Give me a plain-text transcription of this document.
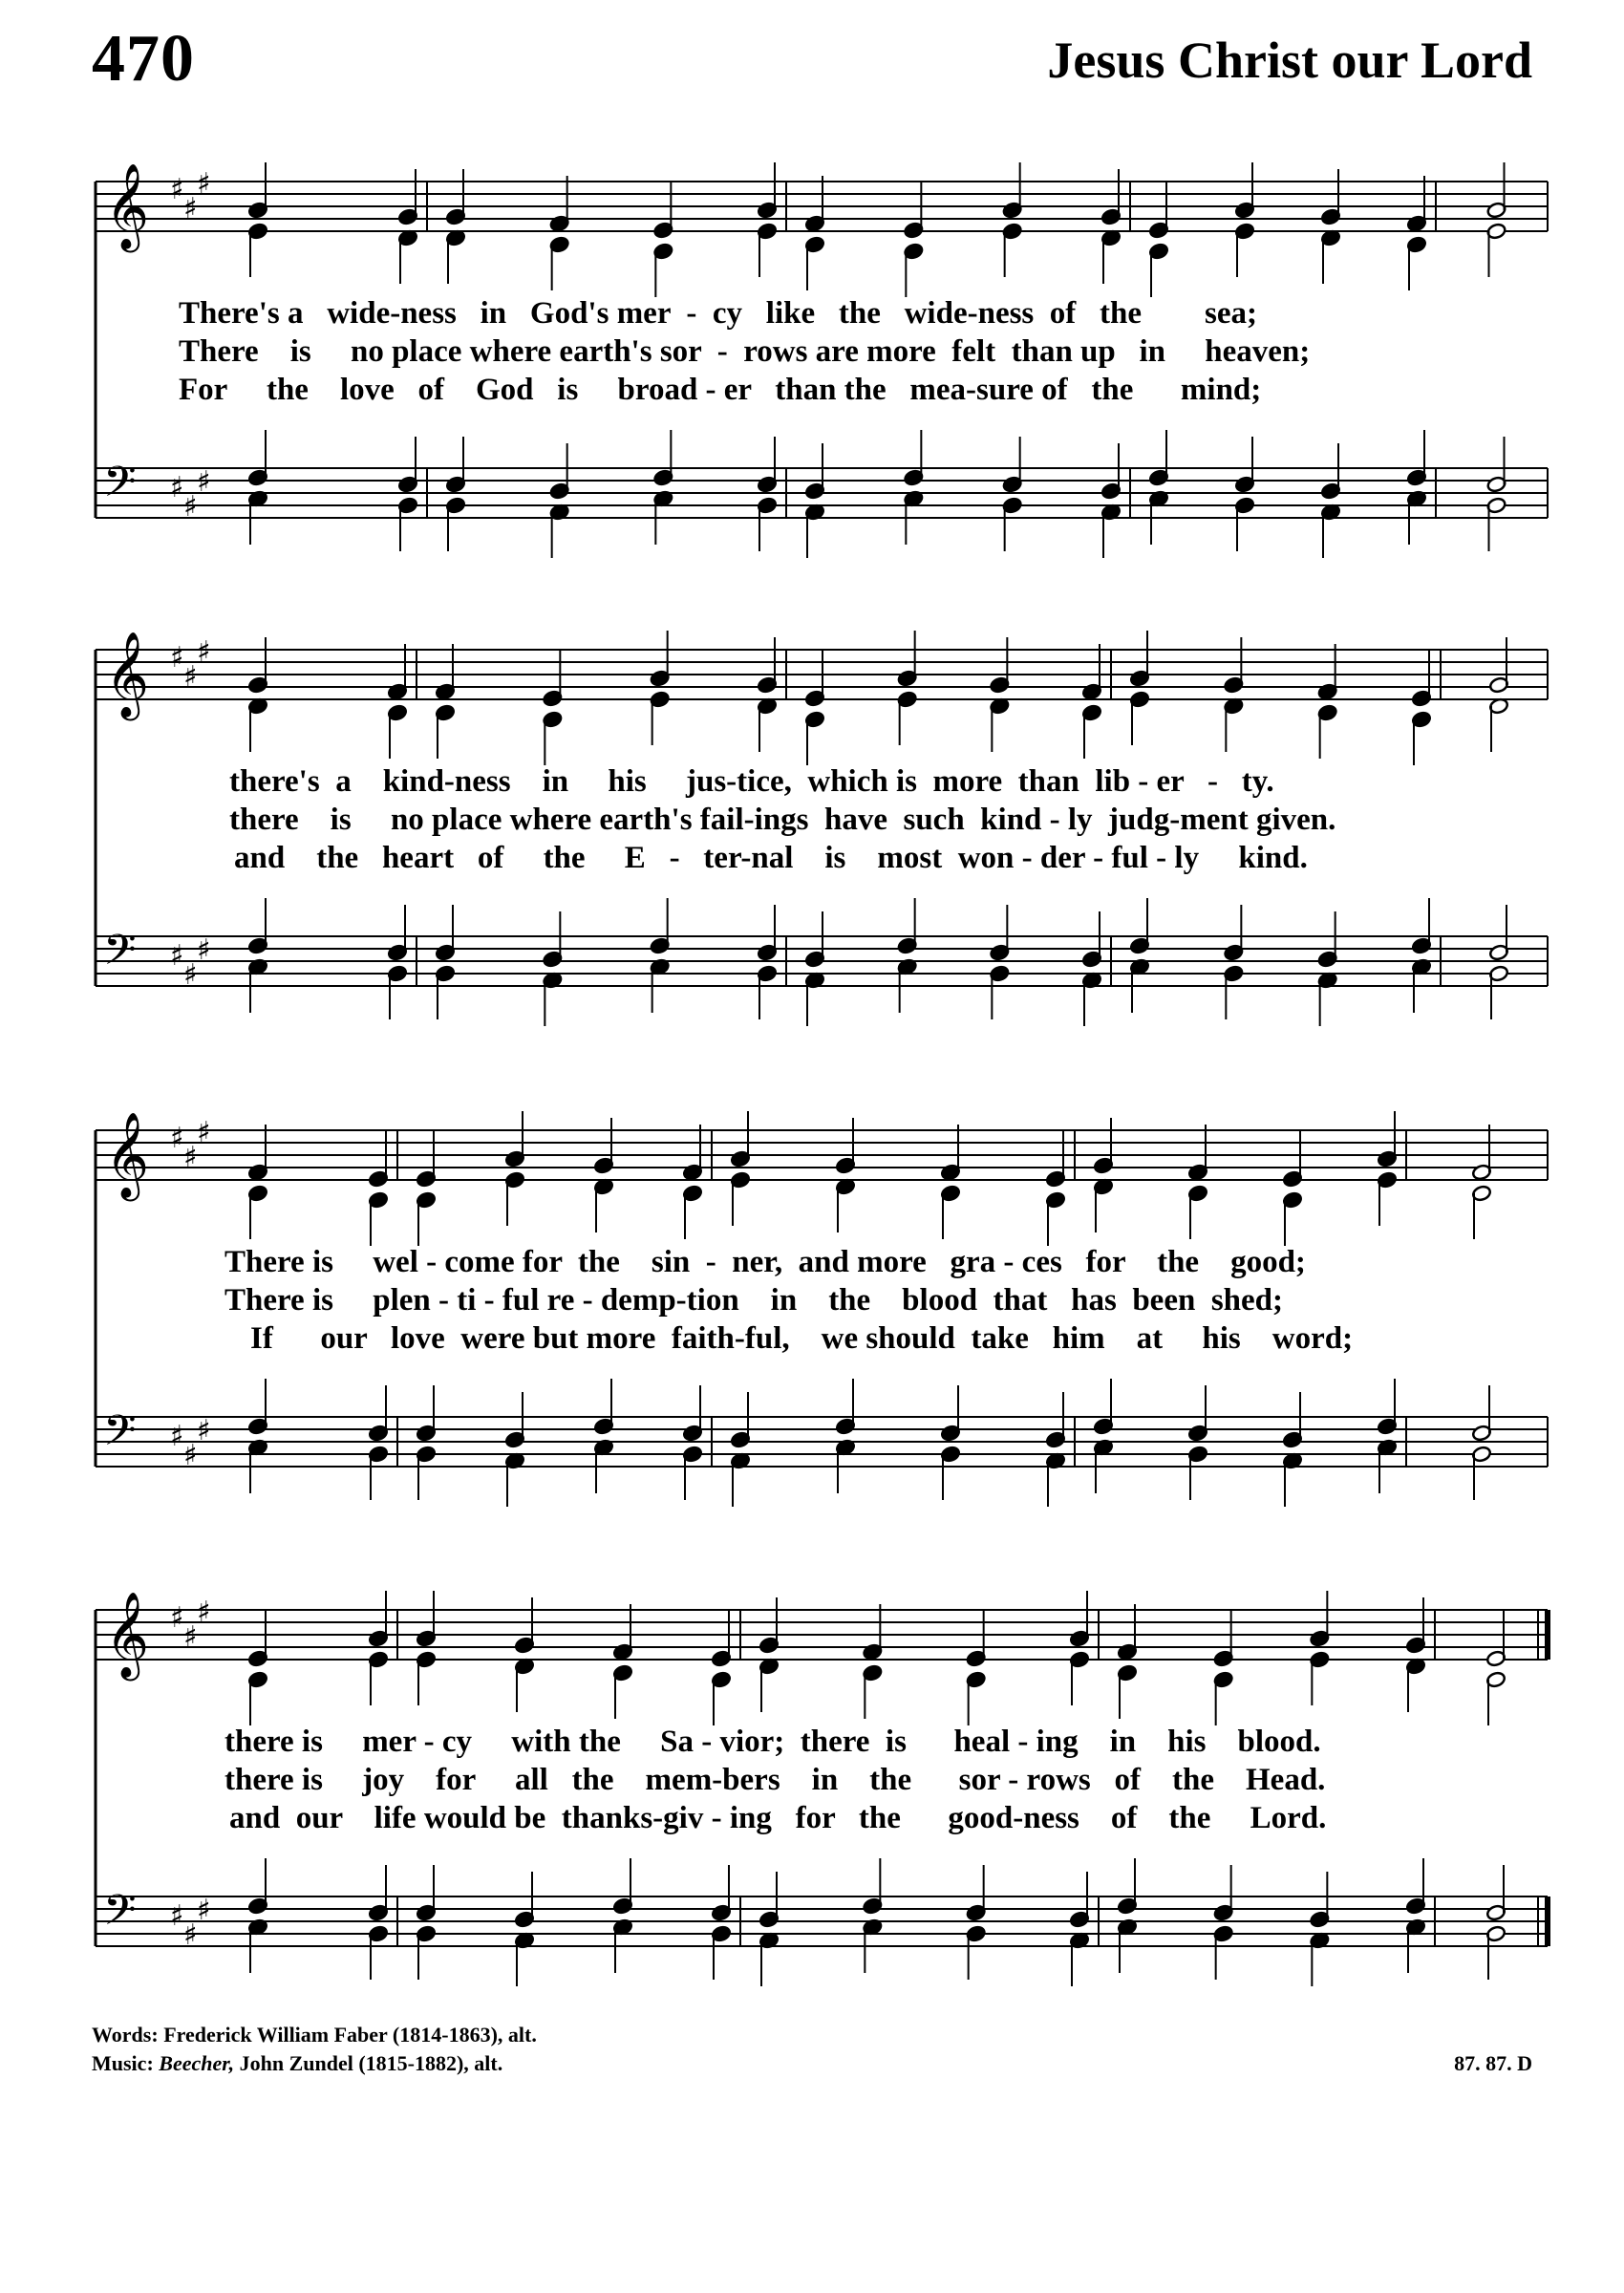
470	Jesus Christ our Lord
𝄞
𝄢
♯
♯
♯
♯
♯
♯
There's a   wide-ness   in   God's mer  -  cy   like   the   wide-ness  of   the        sea;
There    is     no place where earth's sor  -  rows are more  felt  than up   in     heaven;
For     the    love   of    God   is     broad - er   than the   mea-sure of   the      mind;
𝄞
𝄢
♯
♯
♯
♯
♯
♯
there's  a    kind-ness    in     his     jus-tice,  which is  more  than  lib - er   -   ty.
there    is     no place where earth's fail-ings  have  such  kind - ly  judg-ment given.
and    the   heart   of     the     E   -   ter-nal    is    most  won - der - ful - ly     kind.
𝄞
𝄢
♯
♯
♯
♯
♯
♯
There is     wel - come for  the    sin  -  ner,  and more   gra - ces   for    the    good;
There is     plen - ti - ful re - demp-tion    in    the    blood  that   has  been  shed;
If      our   love  were but more  faith-ful,    we should  take   him    at     his    word;
𝄞
𝄢
♯
♯
♯
♯
♯
♯
there is     mer - cy     with the     Sa - vior;  there  is      heal - ing    in    his    blood.
there is     joy    for     all   the    mem-bers    in    the      sor - rows   of    the    Head.
and  our    life would be  thanks-giv - ing   for   the      good-ness    of    the     Lord.
Words: Frederick William Faber (1814-1863), alt.
Music: Beecher, John Zundel (1815-1882), alt.	87. 87. D
